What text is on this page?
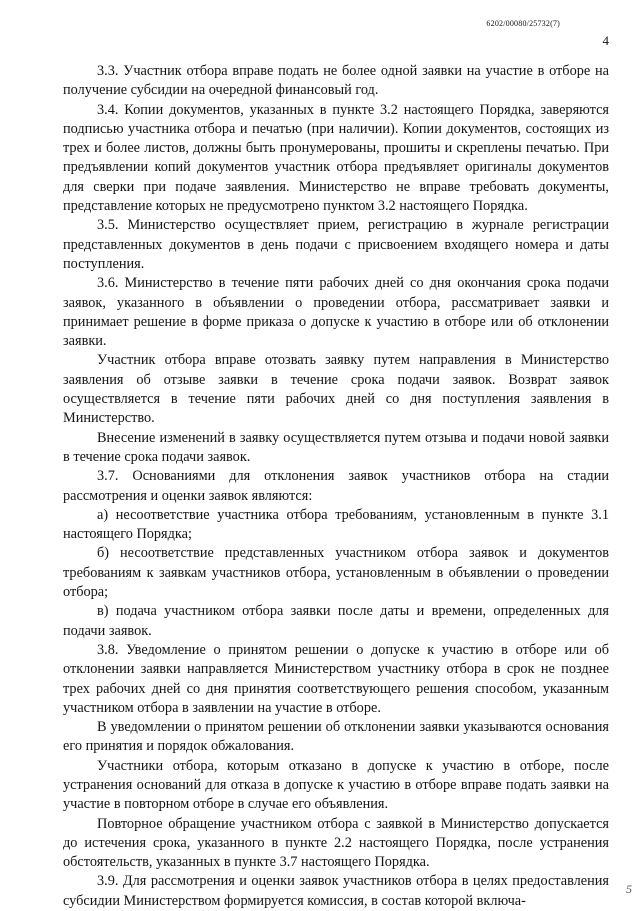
6202/00080/25732(7)
4

3.3. Участник отбора вправе подать не более одной заявки на участие в отборе на получение субсидии на очередной финансовый год.

3.4. Копии документов, указанных в пункте 3.2 настоящего Порядка, заверяются подписью участника отбора и печатью (при наличии). Копии документов, состоящих из трех и более листов, должны быть пронумерованы, прошиты и скреплены печатью. При предъявлении копий документов участник отбора предъявляет оригиналы документов для сверки при подаче заявления. Министерство не вправе требовать документы, представление которых не предусмотрено пунктом 3.2 настоящего Порядка.

3.5. Министерство осуществляет прием, регистрацию в журнале регистрации представленных документов в день подачи с присвоением входящего номера и даты поступления.

3.6. Министерство в течение пяти рабочих дней со дня окончания срока подачи заявок, указанного в объявлении о проведении отбора, рассматривает заявки и принимает решение в форме приказа о допуске к участию в отборе или об отклонении заявки.

Участник отбора вправе отозвать заявку путем направления в Министерство заявления об отзыве заявки в течение срока подачи заявок. Возврат заявок осуществляется в течение пяти рабочих дней со дня поступления заявления в Министерство.

Внесение изменений в заявку осуществляется путем отзыва и подачи новой заявки в течение срока подачи заявок.

3.7. Основаниями для отклонения заявок участников отбора на стадии рассмотрения и оценки заявок являются:

а) несоответствие участника отбора требованиям, установленным в пункте 3.1 настоящего Порядка;

б) несоответствие представленных участником отбора заявок и документов требованиям к заявкам участников отбора, установленным в объявлении о проведении отбора;

в) подача участником отбора заявки после даты и времени, определенных для подачи заявок.

3.8. Уведомление о принятом решении о допуске к участию в отборе или об отклонении заявки направляется Министерством участнику отбора в срок не позднее трех рабочих дней со дня принятия соответствующего решения способом, указанным участником отбора в заявлении на участие в отборе.

В уведомлении о принятом решении об отклонении заявки указываются основания его принятия и порядок обжалования.

Участники отбора, которым отказано в допуске к участию в отборе, после устранения оснований для отказа в допуске к участию в отборе вправе подать заявки на участие в повторном отборе в случае его объявления.

Повторное обращение участником отбора с заявкой в Министерство допускается до истечения срока, указанного в пункте 2.2 настоящего Порядка, после устранения обстоятельств, указанных в пункте 3.7 настоящего Порядка.

3.9. Для рассмотрения и оценки заявок участников отбора в целях предоставления субсидии Министерством формируется комиссия, в состав которой включа-

5
